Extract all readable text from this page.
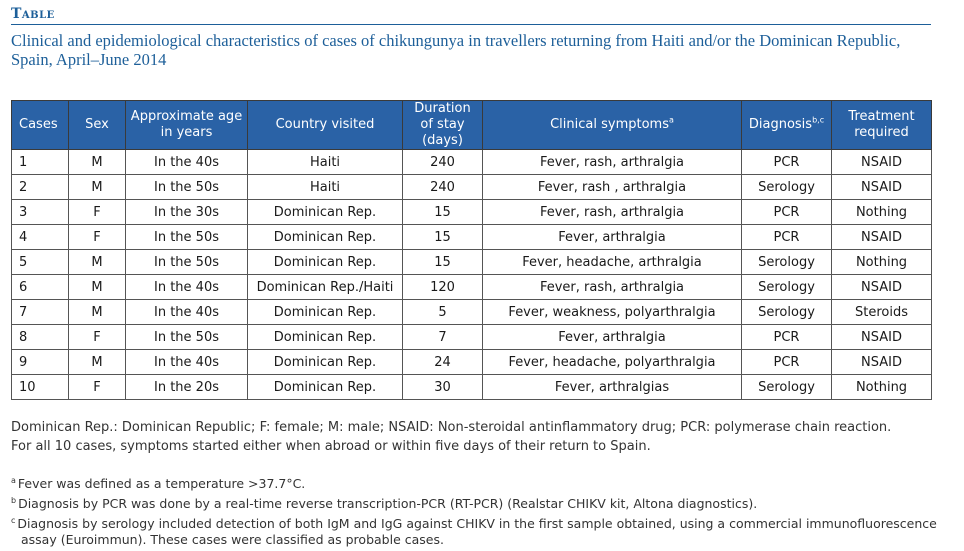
Table
Clinical and epidemiological characteristics of cases of chikungunya in travellers returning from Haiti and/or the Dominican Republic, Spain, April–June 2014
Cases	Sex	Approximate age in years	Country visited	Duration of stay (days)	Clinical symptoms$^a$	Diagnosis$^{b,c}$	Treatment required
1	M	In the 40s	Haiti	240	Fever, rash, arthralgia	PCR	NSAID
2	M	In the 50s	Haiti	240	Fever, rash , arthralgia	Serology	NSAID
3	F	In the 30s	Dominican Rep.	15	Fever, rash, arthralgia	PCR	Nothing
4	F	In the 50s	Dominican Rep.	15	Fever, arthralgia	PCR	NSAID
5	M	In the 50s	Dominican Rep.	15	Fever, headache, arthralgia	Serology	Nothing
6	M	In the 40s	Dominican Rep./Haiti	120	Fever, rash, arthralgia	Serology	NSAID
7	M	In the 40s	Dominican Rep.	5	Fever, weakness, polyarthralgia	Serology	Steroids
8	F	In the 50s	Dominican Rep.	7	Fever, arthralgia	PCR	NSAID
9	M	In the 40s	Dominican Rep.	24	Fever, headache, polyarthralgia	PCR	NSAID
10	F	In the 20s	Dominican Rep.	30	Fever, arthralgias	Serology	Nothing

Dominican Rep.: Dominican Republic; F: female; M: male; NSAID: Non-steroidal antinflammatory drug; PCR: polymerase chain reaction.

For all 10 cases, symptoms started either when abroad or within five days of their return to Spain.

$^a$ Fever was defined as a temperature >37.7°C.

$^b$ Diagnosis by PCR was done by a real-time reverse transcription-PCR (RT-PCR) (Realstar CHIKV kit, Altona diagnostics).

$^c$ Diagnosis by serology included detection of both IgM and IgG against CHIKV in the first sample obtained, using a commercial immunofluorescence assay (Euroimmun). These cases were classified as probable cases.
